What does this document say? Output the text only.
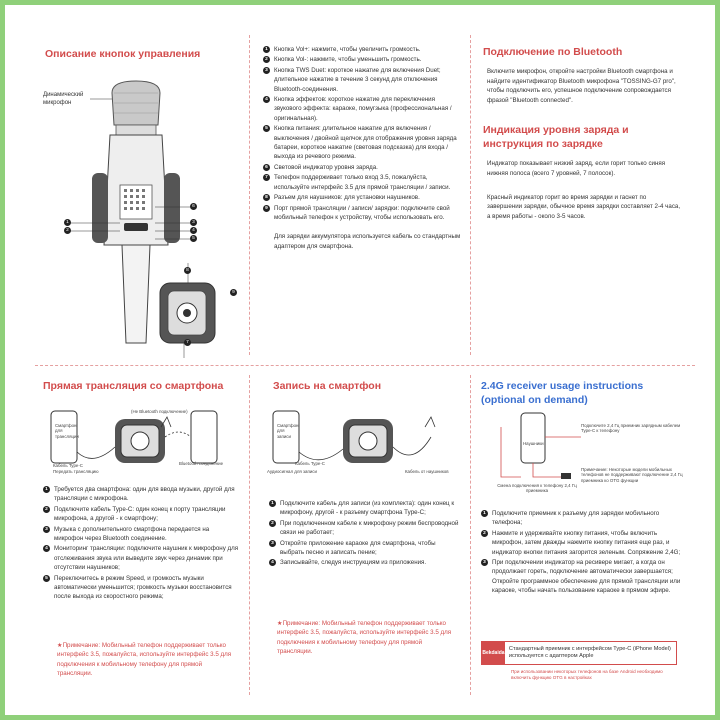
Описание кнопок управления
Динамический микрофон
1
2
3
4
5
6
7
8
9
1 Кнопка Vol+: нажмите, чтобы увеличить громкость.
2 Кнопка Vol-: нажмите, чтобы уменьшить громкость.
3 Кнопка TWS Duet: короткое нажатие для включения Duet; длительное нажатие в течение 3 секунд для отключения Bluetooth-соединения.
4 Кнопка эффектов: короткое нажатие для переключения звукового эффекта: караоке, помугзыка (профессиональная / оригинальная).
5 Кнопка питания: длительное нажатие для включения / выключения / двойной щелчок для отображения уровня заряда батареи, короткое нажатие (световая подсказка) для входа / выхода из речевого режима.
6 Световой индикатор уровня заряда.
7 Телефон поддерживает только вход 3.5, пожалуйста, используйте интерфейс 3.5 для прямой трансляции / записи.
8 Разъем для наушников: для установки наушников.
9 Порт прямой трансляции / записи/ зарядки: подключите свой мобильный телефон к устройству, чтобы использовать его.
Для зарядки аккумулятора используется кабель со стандартным адаптером для смартфона.
Подключение по Bluetooth
Включите микрофон, откройте настройки Bluetooth смартфона и найдите идентификатор Bluetooth микрофона "TOSSING-G7 pro", чтобы подключить его, успешное подключение сопровождается фразой "Bluetooth connected".
Индикация уровня заряда и инструкция по зарядке
Индикатор показывает низкий заряд, если горит только синяя нижняя полоса (всего 7 уровней, 7 полосок).
Красный индикатор горит во время зарядки и гаснет по завершении зарядки, обычное время зарядки составляет 2-4 часа, а время работы - около 3-5 часов.
Прямая трансляция со смартфона
Смартфон для трансляции
(Не Bluetooth подключение)
Кабель Type-C
Передать трансляцию
Bluetooth соединение
1 Требуется два смартфона: один для ввода музыки, другой для трансляции с микрофона.
2 Подключите кабель Type-C: один конец к порту трансляции микрофона, а другой - к смартфону;
3 Музыка с дополнительного смартфона передается на микрофон через Bluetooth соединение.
4 Мониторинг трансляции: подключите наушник к микрофону для отслеживания звука или выведите звук через динамик при отсутствии наушников;
5 Переключитесь в режим Speed, и громкость музыки автоматически уменьшится; громкость музыки восстановится после выхода из скоростного режима;
★Примечание: Мобильный телефон поддерживает только интерфейс 3.5, пожалуйста, используйте интерфейс 3.5 для подключения к мобильному телефону для прямой трансляции.
Запись на смартфон
Смартфон для записи
Кабель Type-C
Аудиосигнал для записи	Кабель от наушников
1 Подключите кабель для записи (из комплекта): один конец к микрофону, другой - к разъему смартфона Type-C;
2 При подключенном кабеле к микрофону режим беспроводной связи не работает;
3 Откройте приложение караоке для смартфона, чтобы выбрать песню и записать пение;
4 Записывайте, следуя инструкциям из приложения.
★Примечание: Мобильный телефон поддерживает только интерфейс 3.5, пожалуйста, используйте интерфейс 3.5 для подключения к мобильному телефону для прямой трансляции.
2.4G receiver usage instructions (optional on demand)
Наушники
Подключите 2,4 Гц приемник зарядным кабелем Type-C к телефону
Примечание: Некоторые модели мобильных телефонов не поддерживают подключение 2,4 Гц приемника ко OTG функции
Смена подключения к телефону 2,4 Гц приемника
1 Подключите приемник к разъему для зарядки мобильного телефона;
2 Нажмите и удерживайте кнопку питания, чтобы включить микрофон, затем дважды нажмите кнопку питания еще раз, и индикатор кнопки питания загорится зеленым. Сопряжение 2,4G;
3 При подключении индикатор на ресивере мигает, а когда он продолжает гореть, подключение автоматически завершается; Откройте программное обеспечение для прямой трансляции или караоке, чтобы начать пользование караоке в прямом эфире.
Bekdaida
Стандартный приемник с интерфейсом Type-C (iPhone Model) используется с адаптером Apple
При использовании некоторых телефонов на базе Android необходимо включить функцию OTG в настройках
